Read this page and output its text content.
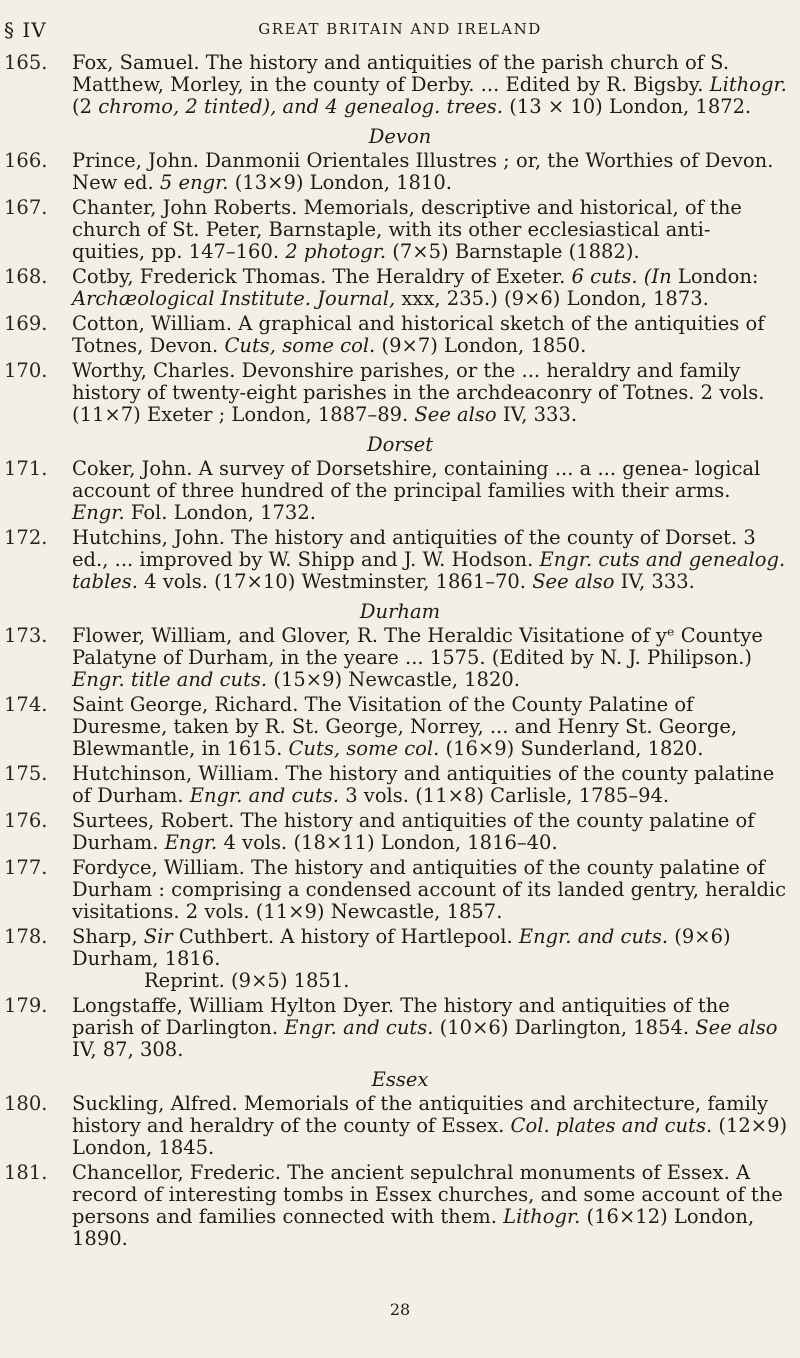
§ IV	GREAT BRITAIN AND IRELAND
165. Fox, Samuel. The history and antiquities of the parish church of S. Matthew, Morley, in the county of Derby. ... Edited by R. Bigsby. Lithogr. (2 chromo, 2 tinted), and 4 genealog. trees. (13 × 10) London, 1872.
Devon
166. Prince, John. Danmonii Orientales Illustres ; or, the Worthies of Devon. New ed. 5 engr. (13×9) London, 1810.
167. Chanter, John Roberts. Memorials, descriptive and historical, of the church of St. Peter, Barnstaple, with its other ecclesiastical anti- quities, pp. 147–160. 2 photogr. (7×5) Barnstaple (1882).
168. Cotby, Frederick Thomas. The Heraldry of Exeter. 6 cuts. (In London: Archæological Institute. Journal, xxx, 235.) (9×6) London, 1873.
169. Cotton, William. A graphical and historical sketch of the antiquities of Totnes, Devon. Cuts, some col. (9×7) London, 1850.
170. Worthy, Charles. Devonshire parishes, or the ... heraldry and family history of twenty-eight parishes in the archdeaconry of Totnes. 2 vols. (11×7) Exeter ; London, 1887–89. See also IV, 333.
Dorset
171. Coker, John. A survey of Dorsetshire, containing ... a ... genea- logical account of three hundred of the principal families with their arms. Engr. Fol. London, 1732.
172. Hutchins, John. The history and antiquities of the county of Dorset. 3 ed., ... improved by W. Shipp and J. W. Hodson. Engr. cuts and genealog. tables. 4 vols. (17×10) Westminster, 1861–70. See also IV, 333.
Durham
173. Flower, William, and Glover, R. The Heraldic Visitatione of yᵉ Countye Palatyne of Durham, in the yeare ... 1575. (Edited by N. J. Philipson.) Engr. title and cuts. (15×9) Newcastle, 1820.
174. Saint George, Richard. The Visitation of the County Palatine of Duresme, taken by R. St. George, Norrey, ... and Henry St. George, Blewmantle, in 1615. Cuts, some col. (16×9) Sunderland, 1820.
175. Hutchinson, William. The history and antiquities of the county palatine of Durham. Engr. and cuts. 3 vols. (11×8) Carlisle, 1785–94.
176. Surtees, Robert. The history and antiquities of the county palatine of Durham. Engr. 4 vols. (18×11) London, 1816–40.
177. Fordyce, William. The history and antiquities of the county palatine of Durham : comprising a condensed account of its landed gentry, heraldic visitations. 2 vols. (11×9) Newcastle, 1857.
178. Sharp, Sir Cuthbert. A history of Hartlepool. Engr. and cuts. (9×6) Durham, 1816.
Reprint. (9×5) 1851.
179. Longstaffe, William Hylton Dyer. The history and antiquities of the parish of Darlington. Engr. and cuts. (10×6) Darlington, 1854. See also IV, 87, 308.
Essex
180. Suckling, Alfred. Memorials of the antiquities and architecture, family history and heraldry of the county of Essex. Col. plates and cuts. (12×9) London, 1845.
181. Chancellor, Frederic. The ancient sepulchral monuments of Essex. A record of interesting tombs in Essex churches, and some account of the persons and families connected with them. Lithogr. (16×12) London, 1890.
28
